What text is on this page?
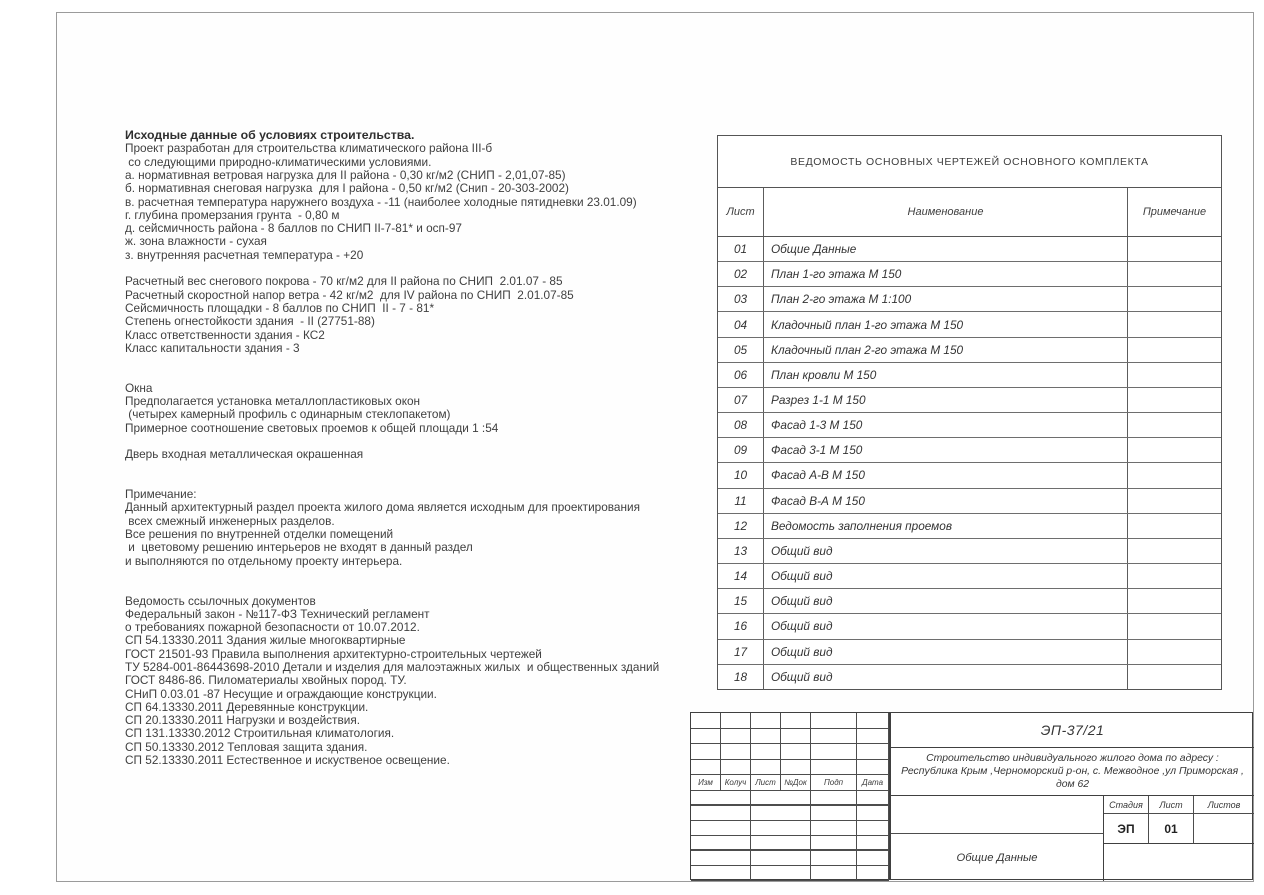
Исходные данные об условиях строительства.
Проект разработан для строительства климатического района III-б
со следующими природно-климатическими условиями.
а. нормативная ветровая нагрузка для II района - 0,30 кг/м2 (СНИП - 2,01,07-85)
б. нормативная снеговая нагрузка  для I района - 0,50 кг/м2 (Снип - 20-303-2002)
в. расчетная температура наружнего воздуха - -11 (наиболее холодные пятидневки 23.01.09)
г. глубина промерзания грунта  - 0,80 м
д. сейсмичность района - 8 баллов по СНИП II-7-81* и осп-97
ж. зона влажности - сухая
з. внутренняя расчетная температура - +20

Расчетный вес снегового покрова - 70 кг/м2 для II района по СНИП  2.01.07 - 85
Расчетный скоростной напор ветра - 42 кг/м2  для IV района по СНИП  2.01.07-85
Сейсмичность площадки - 8 баллов по СНИП  II - 7 - 81*
Степень огнестойкости здания  - II (27751-88)
Класс ответственности здания - КС2
Класс капитальности здания - 3

Окна
Предполагается установка металлопластиковых окон
(четырех камерный профиль с одинарным стеклопакетом)
Примерное соотношение световых проемов к общей площади 1 :54

Дверь входная металлическая окрашенная

Примечание:
Данный архитектурный раздел проекта жилого дома является исходным для проектирования
всех смежный инженерных разделов.
Все решения по внутренней отделки помещений
и  цветовому решению интерьеров не входят в данный раздел
и выполняются по отдельному проекту интерьера.

Ведомость ссылочных документов
Федеральный закон - №117-ФЗ Технический регламент
о требованиях пожарной безопасности от 10.07.2012.
СП 54.13330.2011 Здания жилые многоквартирные
ГОСТ 21501-93 Правила выполнения архитектурно-строительных чертежей
ТУ 5284-001-86443698-2010 Детали и изделия для малоэтажных жилых  и общественных зданий
ГОСТ 8486-86. Пиломатериалы хвойных пород. ТУ.
СНиП 0.03.01 -87 Несущие и ограждающие конструкции.
СП 64.13330.2011 Деревянные конструкции.
СП 20.13330.2011 Нагрузки и воздействия.
СП 131.13330.2012 Строитильная климатология.
СП 50.13330.2012 Тепловая защита здания.
СП 52.13330.2011 Естественное и искуственое освещение.
ВЕДОМОСТЬ ОСНОВНЫХ ЧЕРТЕЖЕЙ ОСНОВНОГО КОМПЛЕКТА
Лист	Наименование	Примечание
01	Общие Данные
02	План 1-го этажа М 150
03	План 2-го этажа М 1:100
04	Кладочный план 1-го этажа М 150
05	Кладочный план 2-го этажа М 150
06	План кровли М 150
07	Разрез 1-1 М 150
08	Фасад 1-3 М 150
09	Фасад 3-1 М 150
10	Фасад А-В М 150
11	Фасад В-А М 150
12	Ведомость заполнения проемов
13	Общий вид
14	Общий вид
15	Общий вид
16	Общий вид
17	Общий вид
18	Общий вид
Изм	Колуч	Лист	№Док	Подп	Дата
ЭП-37/21
Строительство индивидуального жилого дома по адресу :
Республика Крым ,Черноморский р-он, с. Межводное ,ул Приморская , дом 62
Общие Данные
Стадия	Лист	Листов
ЭП	01
